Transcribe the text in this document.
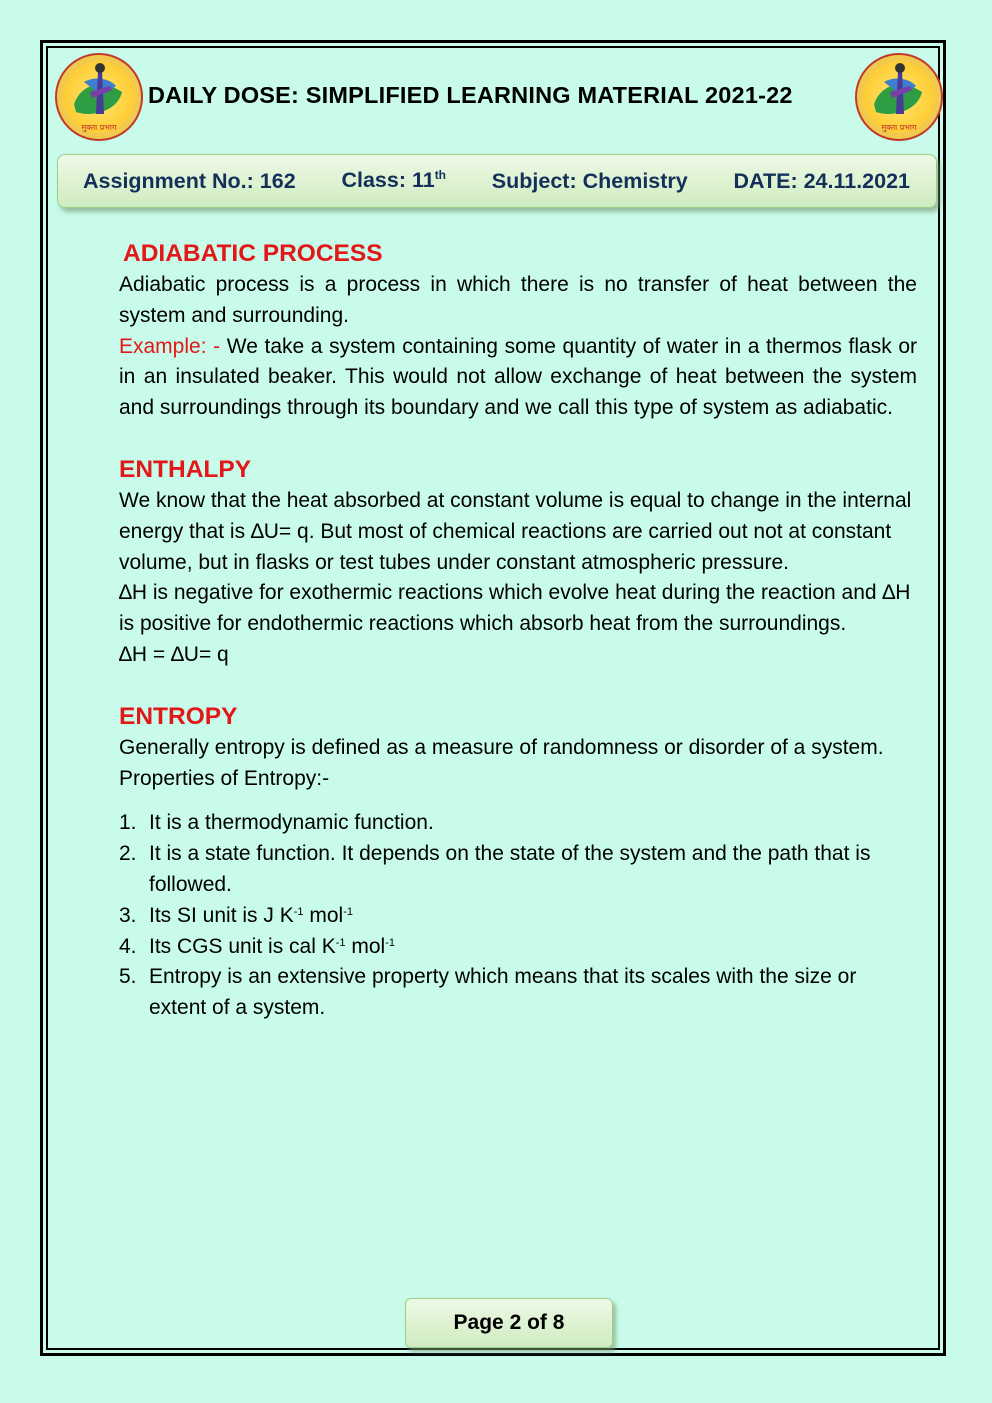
मुक्ता प्रभाग	मुक्ता प्रभाग
DAILY DOSE: SIMPLIFIED LEARNING MATERIAL 2021-22
Assignment No.: 162 Class: 11th Subject: Chemistry DATE: 24.11.2021
ADIABATIC PROCESS

Adiabatic process is a process in which there is no transfer of heat between the system and surrounding.

Example: - We take a system containing some quantity of water in a thermos flask or in an insulated beaker. This would not allow exchange of heat between the system and surroundings through its boundary and we call this type of system as adiabatic.

ENTHALPY

We know that the heat absorbed at constant volume is equal to change in the internal energy that is ∆U= q. But most of chemical reactions are carried out not at constant volume, but in flasks or test tubes under constant atmospheric pressure.

∆H is negative for exothermic reactions which evolve heat during the reaction and ∆H is positive for endothermic reactions which absorb heat from the surroundings.

∆H = ∆U= q

ENTROPY

Generally entropy is defined as a measure of randomness or disorder of a system.

Properties of Entropy:-

1. It is a thermodynamic function.
2. It is a state function. It depends on the state of the system and the path that is followed.
3. Its SI unit is J $K^{-1}$ mol$^{-1}$
4. Its CGS unit is cal $K^{-1}$ mol$^{-1}$
5. Entropy is an extensive property which means that its scales with the size or extent of a system.
Page 2 of 8
